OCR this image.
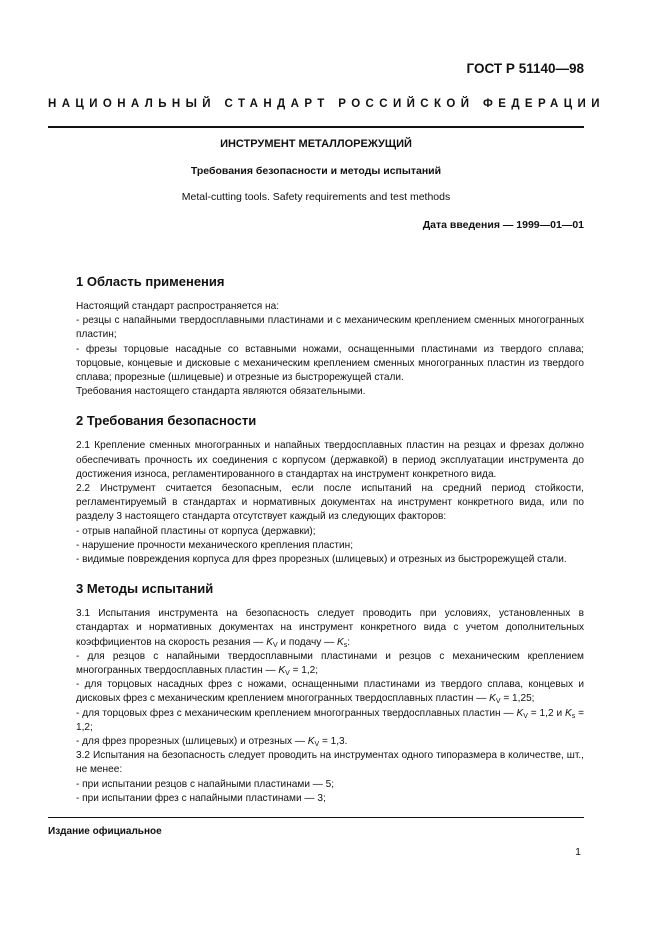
ГОСТ Р 51140—98
НАЦИОНАЛЬНЫЙ СТАНДАРТ РОССИЙСКОЙ ФЕДЕРАЦИИ
ИНСТРУМЕНТ МЕТАЛЛОРЕЖУЩИЙ
Требования безопасности и методы испытаний
Metal-cutting tools. Safety requirements and test methods
Дата введения — 1999—01—01
1 Область применения

Настоящий стандарт распространяется на:

- резцы с напайными твердосплавными пластинами и с механическим креплением сменных многогранных пластин;

- фрезы торцовые насадные со вставными ножами, оснащенными пластинами из твердого сплава; торцовые, концевые и дисковые с механическим креплением сменных многогранных пластин из твердого сплава; прорезные (шлицевые) и отрезные из быстрорежущей стали.

Требования настоящего стандарта являются обязательными.

2 Требования безопасности

2.1 Крепление сменных многогранных и напайных твердосплавных пластин на резцах и фрезах должно обеспечивать прочность их соединения с корпусом (державкой) в период эксплуатации инструмента до достижения износа, регламентированного в стандартах на инструмент конкретного вида.

2.2 Инструмент считается безопасным, если после испытаний на средний период стойкости, регламентируемый в стандартах и нормативных документах на инструмент конкретного вида, или по разделу 3 настоящего стандарта отсутствует каждый из следующих факторов:

- отрыв напайной пластины от корпуса (державки);

- нарушение прочности механического крепления пластин;

- видимые повреждения корпуса для фрез прорезных (шлицевых) и отрезных из быстрорежущей стали.

3 Методы испытаний

3.1 Испытания инструмента на безопасность следует проводить при условиях, установленных в стандартах и нормативных документах на инструмент конкретного вида с учетом дополнительных коэффициентов на скорость резания — $K_V$ и подачу — $K_s$:

- для резцов с напайными твердосплавными пластинами и резцов с механическим креплением многогранных твердосплавных пластин — $K_V = 1,2$;

- для торцовых насадных фрез с ножами, оснащенными пластинами из твердого сплава, концевых и дисковых фрез с механическим креплением многогранных твердосплавных пластин — $K_V = 1,25$;

- для торцовых фрез с механическим креплением многогранных твердосплавных пластин — $K_V = 1,2$ и $K_s = 1,2$;

- для фрез прорезных (шлицевых) и отрезных — $K_V = 1,3$.

3.2 Испытания на безопасность следует проводить на инструментах одного типоразмера в количестве, шт., не менее:

- при испытании резцов с напайными пластинами — 5;

- при испытании фрез с напайными пластинами — 3;

Издание официальное
1
